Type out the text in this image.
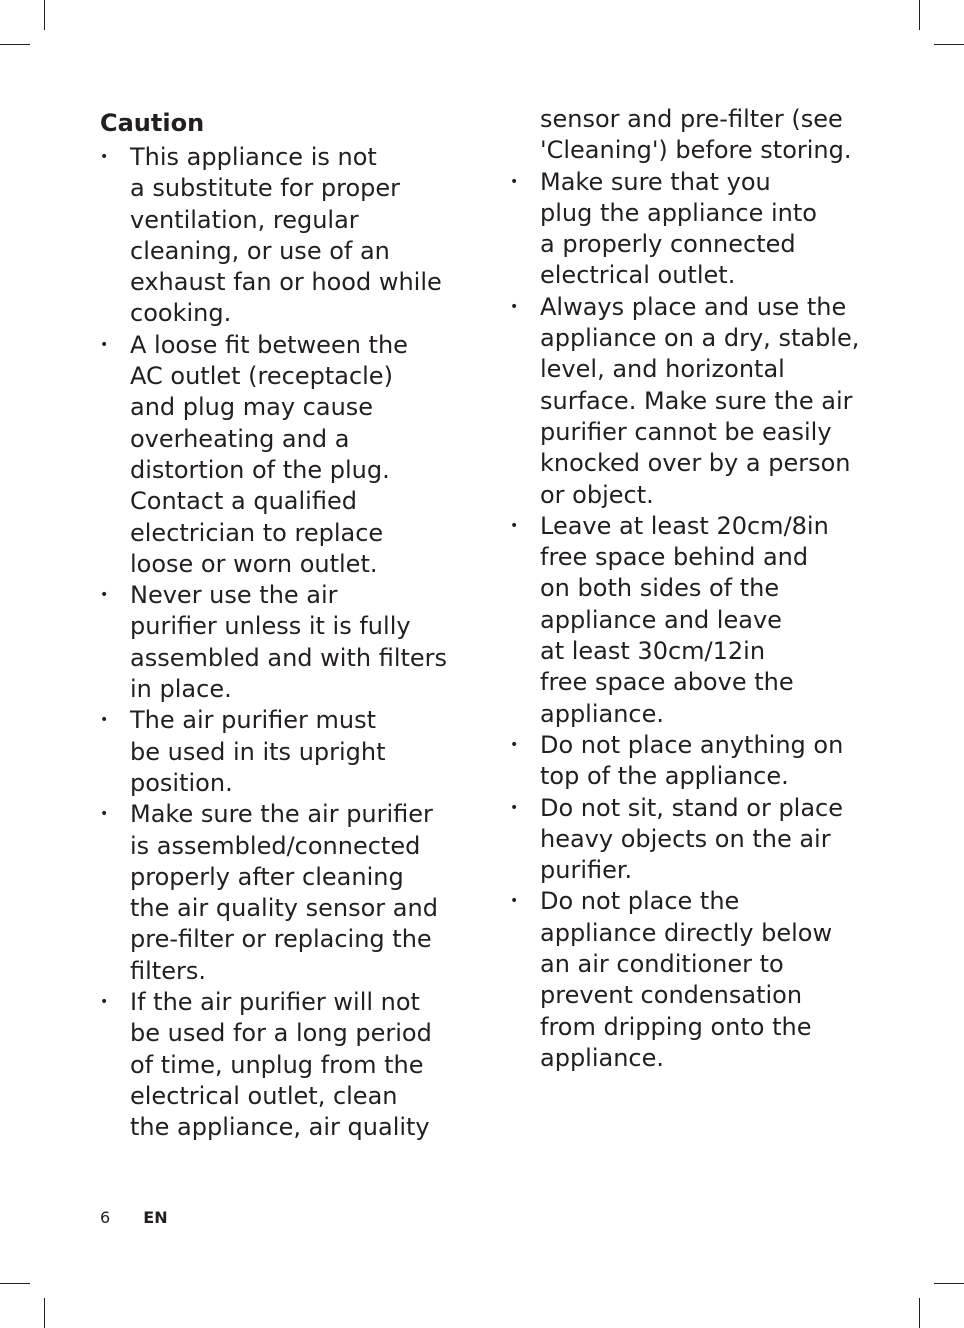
Caution
• This appliance is not
a substitute for proper
ventilation, regular
cleaning, or use of an
exhaust fan or hood while
cooking.
• A loose fit between the
AC outlet (receptacle)
and plug may cause
overheating and a
distortion of the plug.
Contact a qualified
electrician to replace
loose or worn outlet.
• Never use the air
purifier unless it is fully
assembled and with filters
in place.
• The air purifier must
be used in its upright
position.
• Make sure the air purifier
is assembled/connected
properly after cleaning
the air quality sensor and
pre-filter or replacing the
filters.
• If the air purifier will not
be used for a long period
of time, unplug from the
electrical outlet, clean
the appliance, air quality
sensor and pre-filter (see
'Cleaning') before storing.
• Make sure that you
plug the appliance into
a properly connected
electrical outlet.
• Always place and use the
appliance on a dry, stable,
level, and horizontal
surface. Make sure the air
purifier cannot be easily
knocked over by a person
or object.
• Leave at least 20cm/8in
free space behind and
on both sides of the
appliance and leave
at least 30cm/12in
free space above the
appliance.
• Do not place anything on
top of the appliance.
• Do not sit, stand or place
heavy objects on the air
purifier.
• Do not place the
appliance directly below
an air conditioner to
prevent condensation
from dripping onto the
appliance.
6 EN
